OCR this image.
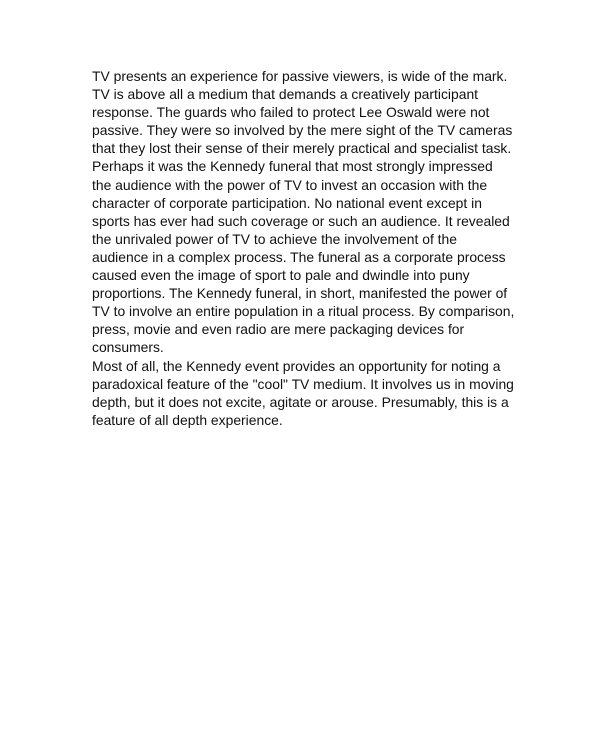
TV presents an experience for passive viewers, is wide of the mark.
TV is above all a medium that demands a creatively participant
response. The guards who failed to protect Lee Oswald were not
passive. They were so involved by the mere sight of the TV cameras
that they lost their sense of their merely practical and specialist task.
Perhaps it was the Kennedy funeral that most strongly impressed
the audience with the power of TV to invest an occasion with the
character of corporate participation. No national event except in
sports has ever had such coverage or such an audience. It revealed
the unrivaled power of TV to achieve the involvement of the
audience in a complex process. The funeral as a corporate process
caused even the image of sport to pale and dwindle into puny
proportions. The Kennedy funeral, in short, manifested the power of
TV to involve an entire population in a ritual process. By comparison,
press, movie and even radio are mere packaging devices for
consumers.
Most of all, the Kennedy event provides an opportunity for noting a
paradoxical feature of the "cool" TV medium. It involves us in moving
depth, but it does not excite, agitate or arouse. Presumably, this is a
feature of all depth experience.
